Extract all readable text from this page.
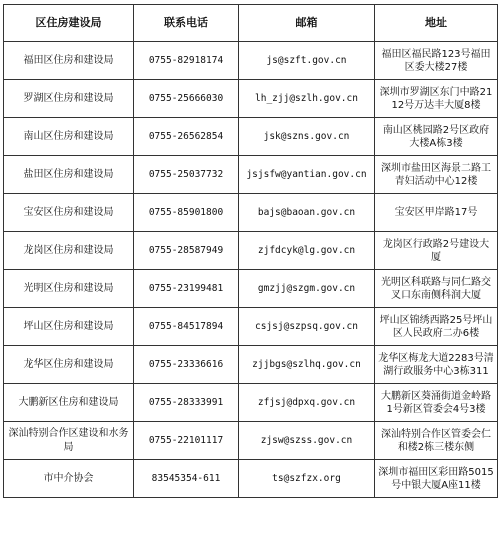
区住房建设局	联系电话	邮箱	地址
福田区住房和建设局	0755-82918174	js@szft.gov.cn	福田区福民路123号福田区委大楼27楼
罗湖区住房和建设局	0755-25666030	lh_zjj@szlh.gov.cn	深圳市罗湖区东门中路2112号万达丰大厦8楼
南山区住房和建设局	0755-26562854	jsk@szns.gov.cn	南山区桃园路2号区政府大楼A栋3楼
盐田区住房和建设局	0755-25037732	jsjsfw@yantian.gov.cn	深圳市盐田区海景二路工青妇活动中心12楼
宝安区住房和建设局	0755-85901800	bajs@baoan.gov.cn	宝安区甲岸路17号
龙岗区住房和建设局	0755-28587949	zjfdcyk@lg.gov.cn	龙岗区行政路2号建设大厦
光明区住房和建设局	0755-23199481	gmzjj@szgm.gov.cn	光明区科联路与同仁路交叉口东南侧科润大厦
坪山区住房和建设局	0755-84517894	csjsj@szpsq.gov.cn	坪山区锦绣西路25号坪山区人民政府二办6楼
龙华区住房和建设局	0755-23336616	zjjbgs@szlhq.gov.cn	龙华区梅龙大道2283号清湖行政服务中心3栋311
大鹏新区住房和建设局	0755-28333991	zfjsj@dpxq.gov.cn	大鹏新区葵涌街道金岭路1号新区管委会4号3楼
深汕特别合作区建设和水务局	0755-22101117	zjsw@szss.gov.cn	深汕特别合作区管委会仁和楼2栋三楼东侧
市中介协会	83545354-611	ts@szfzx.org	深圳市福田区彩田路5015号中银大厦A座11楼
